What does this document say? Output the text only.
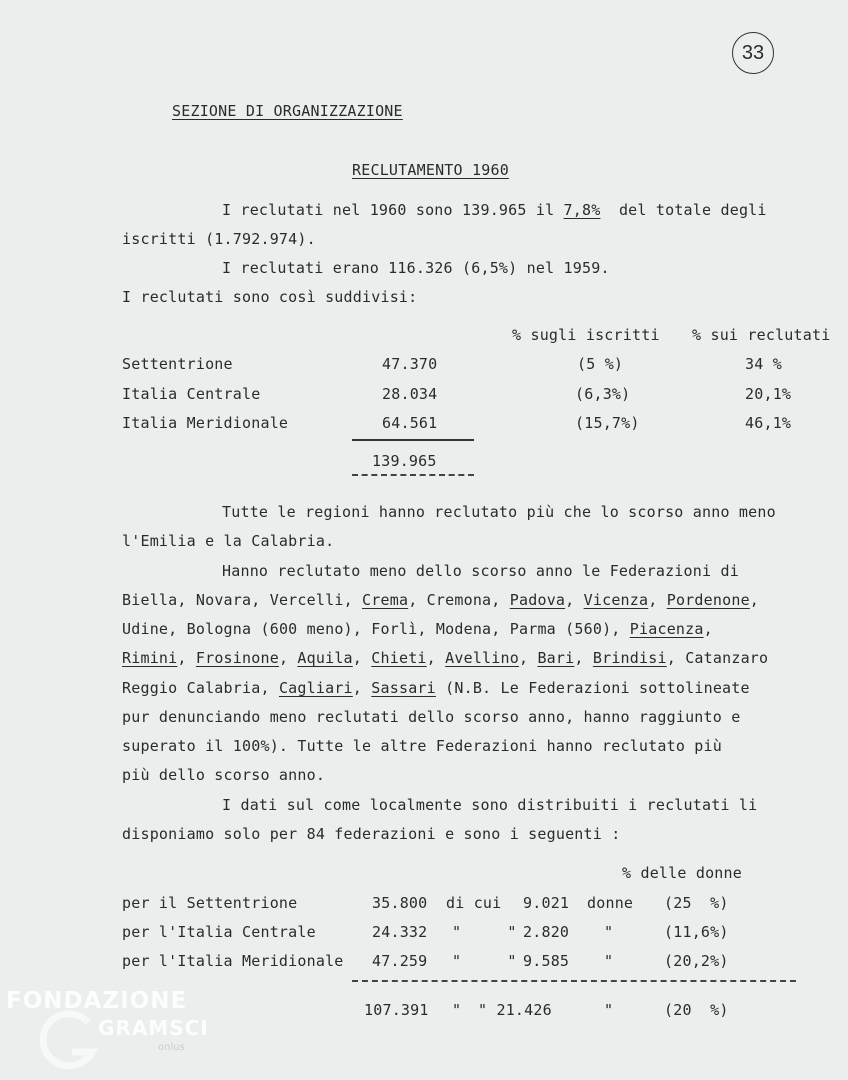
33
SEZIONE DI ORGANIZZAZIONE
RECLUTAMENTO 1960
I reclutati nel 1960 sono 139.965 il 7,8%  del totale degli
iscritti (1.792.974).
I reclutati erano 116.326 (6,5%) nel 1959.
I reclutati sono così suddivisi:
% sugli iscritti % sui reclutati
Settentrione	47.370	(5 %)	34 %
Italia Centrale	28.034	(6,3%)	20,1%
Italia Meridionale	64.561	(15,7%)	46,1%
139.965
Tutte le regioni hanno reclutato più che lo scorso anno meno
l'Emilia e la Calabria.
Hanno reclutato meno dello scorso anno le Federazioni di
Biella, Novara, Vercelli, Crema, Cremona, Padova, Vicenza, Pordenone,
Udine, Bologna (600 meno), Forlì, Modena, Parma (560), Piacenza,
Rimini, Frosinone, Aquila, Chieti, Avellino, Bari, Brindisi, Catanzaro
Reggio Calabria, Cagliari, Sassari (N.B. Le Federazioni sottolineate
pur denunciando meno reclutati dello scorso anno, hanno raggiunto e
superato il 100%). Tutte le altre Federazioni hanno reclutato più
più dello scorso anno.
I dati sul come localmente sono distribuiti i reclutati li
disponiamo solo per 84 federazioni e sono i seguenti :
% delle donne
per il Settentrione	35.800 di cui 9.021 donne (25  %)
per l'Italia Centrale	24.332 "     " 2.820 "	(11,6%)
per l'Italia Meridionale 47.259 "     " 9.585 "	(20,2%)
107.391 " " 21.426	"	(20  %)
FONDAZIONE
GRAMSCI
onlus
